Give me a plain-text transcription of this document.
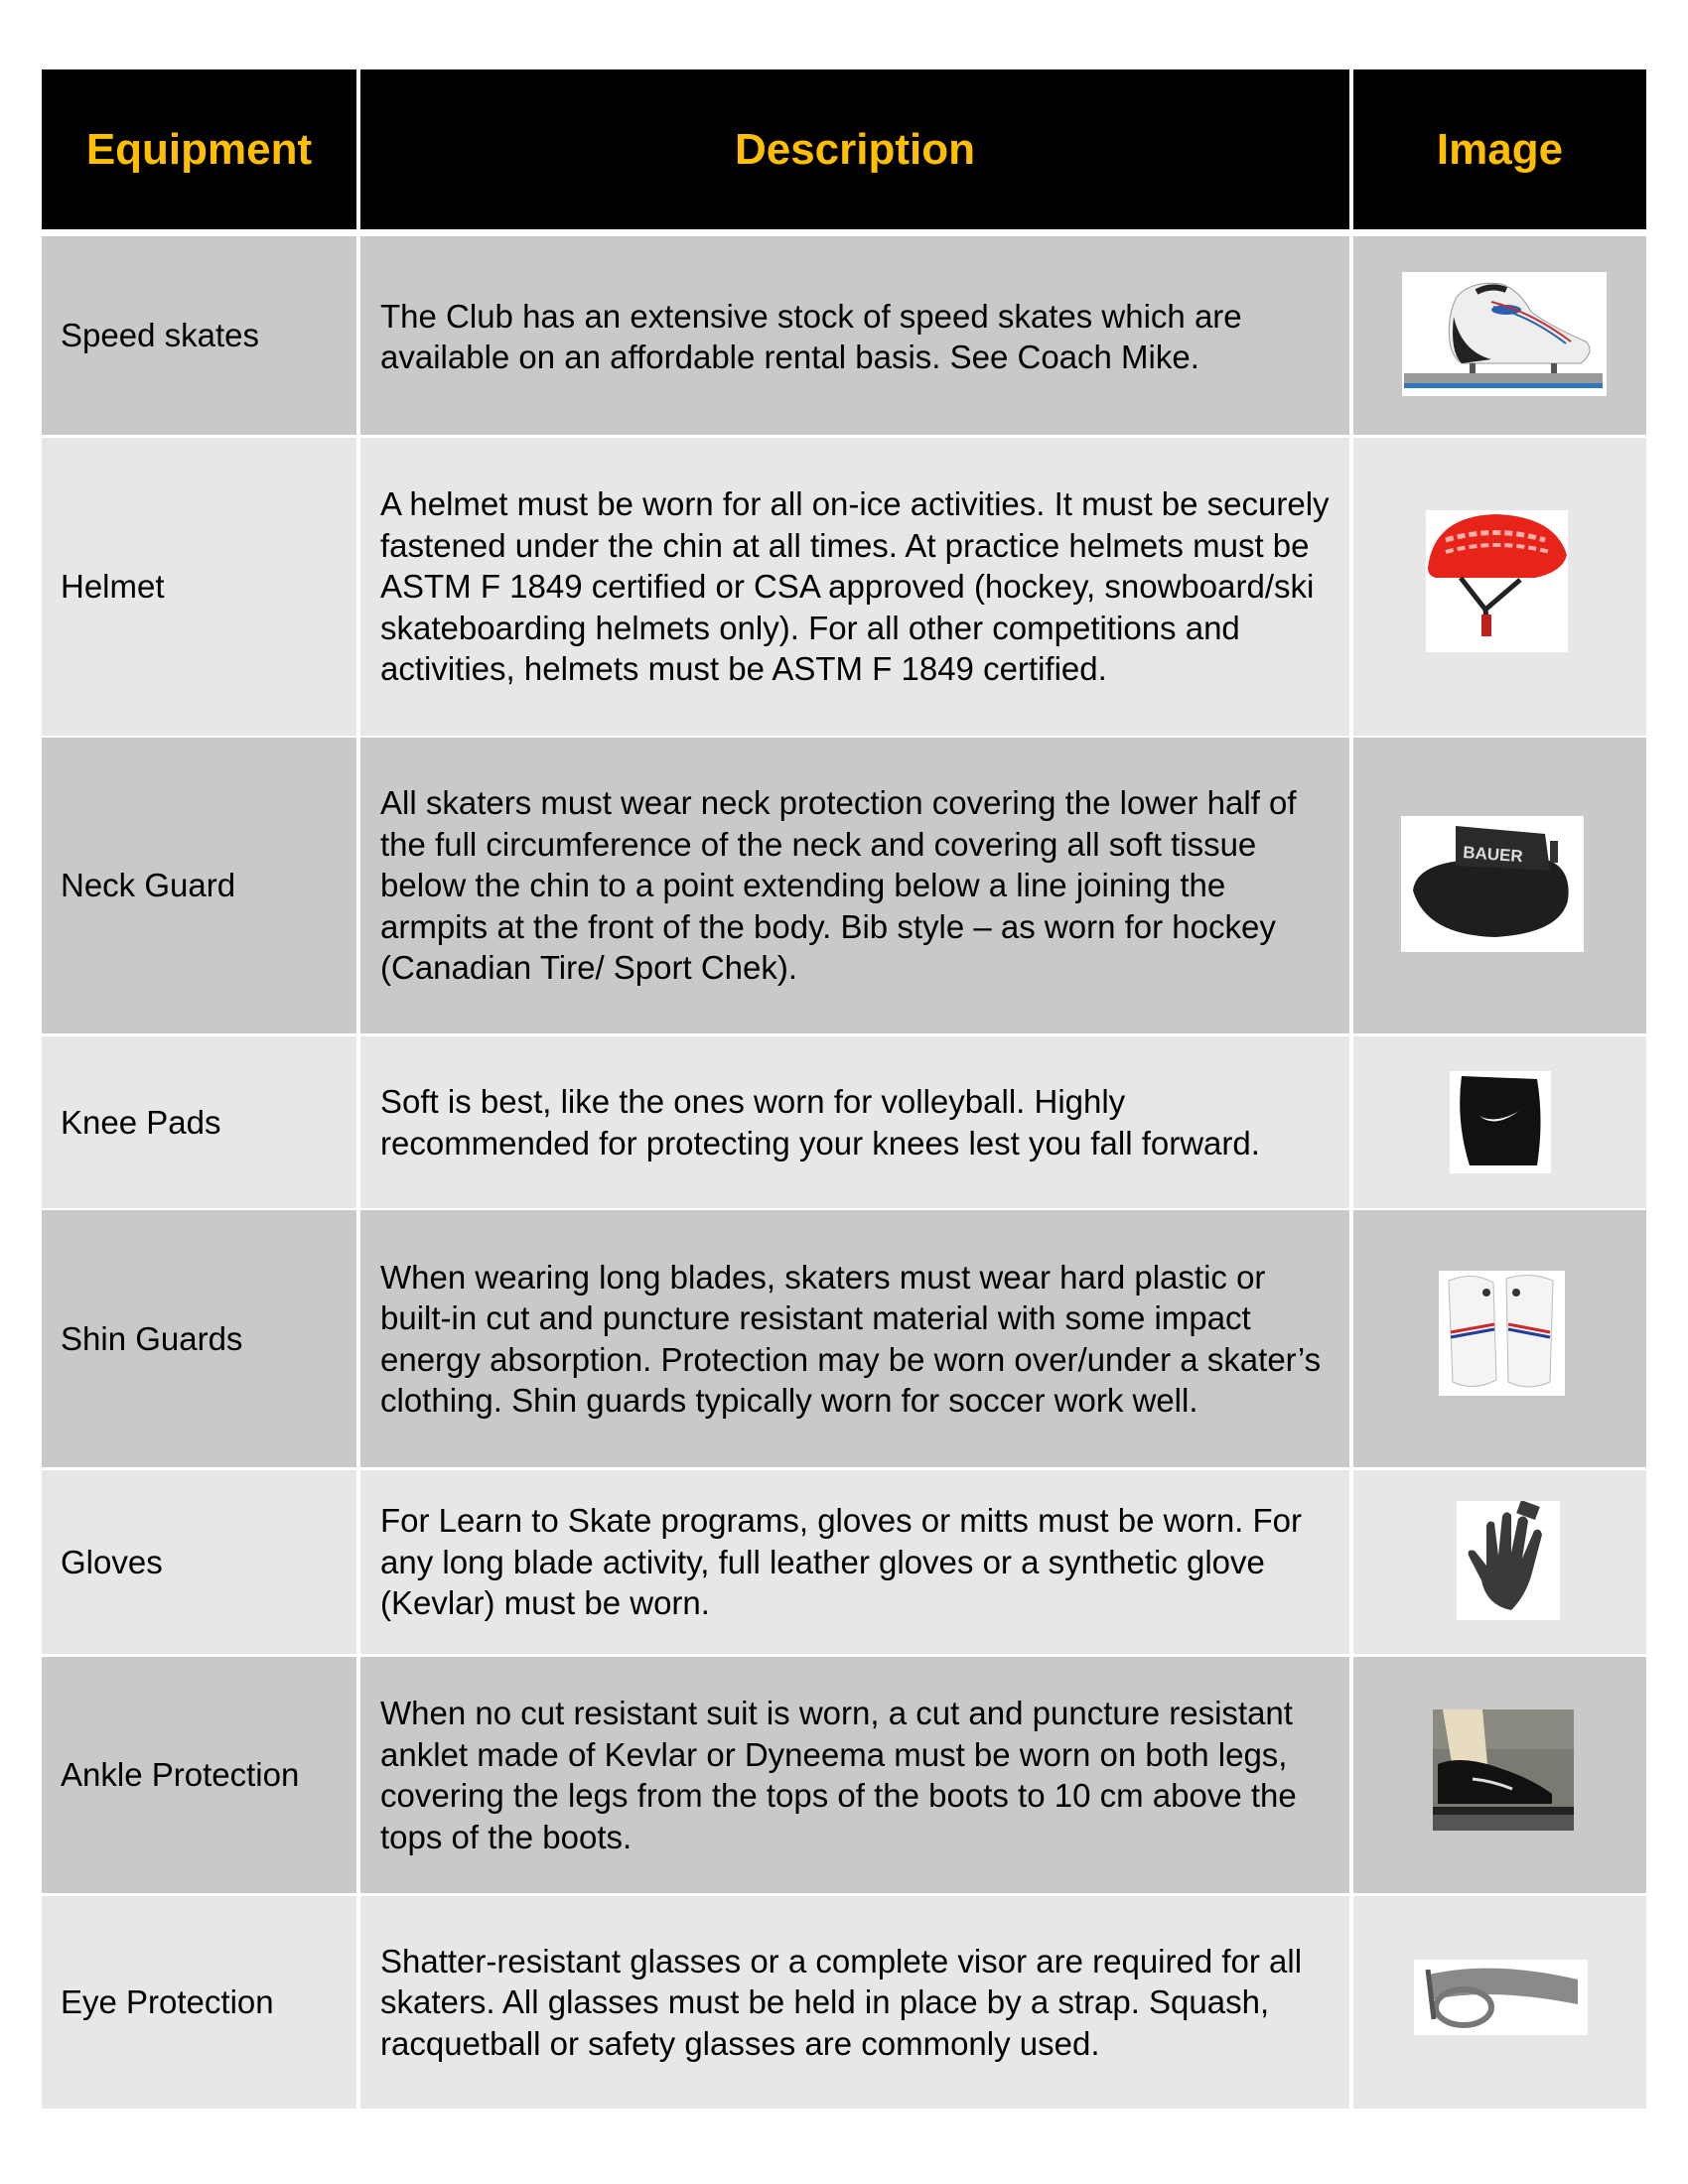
Equipment	Description	Image
Speed skates
The Club has an extensive stock of speed skates which are available on an affordable rental basis. See Coach Mike.
Helmet
A helmet must be worn for all on-ice activities. It must be securely fastened under the chin at all times. At practice helmets must be ASTM F 1849 certified or CSA approved (hockey, snowboard/ski skateboarding helmets only). For all other competitions and activities, helmets must be ASTM F 1849 certified.
Neck Guard
All skaters must wear neck protection covering the lower half of the full circumference of the neck and covering all soft tissue below the chin to a point extending below a line joining the armpits at the front of the body. Bib style – as worn for hockey (Canadian Tire/ Sport Chek).
BAUER
Knee Pads
Soft is best, like the ones worn for volleyball. Highly recommended for protecting your knees lest you fall forward.
Shin Guards
When wearing long blades, skaters must wear hard plastic or built-in cut and puncture resistant material with some impact energy absorption. Protection may be worn over/under a skater’s clothing. Shin guards typically worn for soccer work well.
Gloves
For Learn to Skate programs, gloves or mitts must be worn. For any long blade activity, full leather gloves or a synthetic glove (Kevlar) must be worn.
Ankle Protection
When no cut resistant suit is worn, a cut and puncture resistant anklet made of Kevlar or Dyneema must be worn on both legs, covering the legs from the tops of the boots to 10 cm above the tops of the boots.
Eye Protection
Shatter-resistant glasses or a complete visor are required for all skaters. All glasses must be held in place by a strap. Squash, racquetball or safety glasses are commonly used.
